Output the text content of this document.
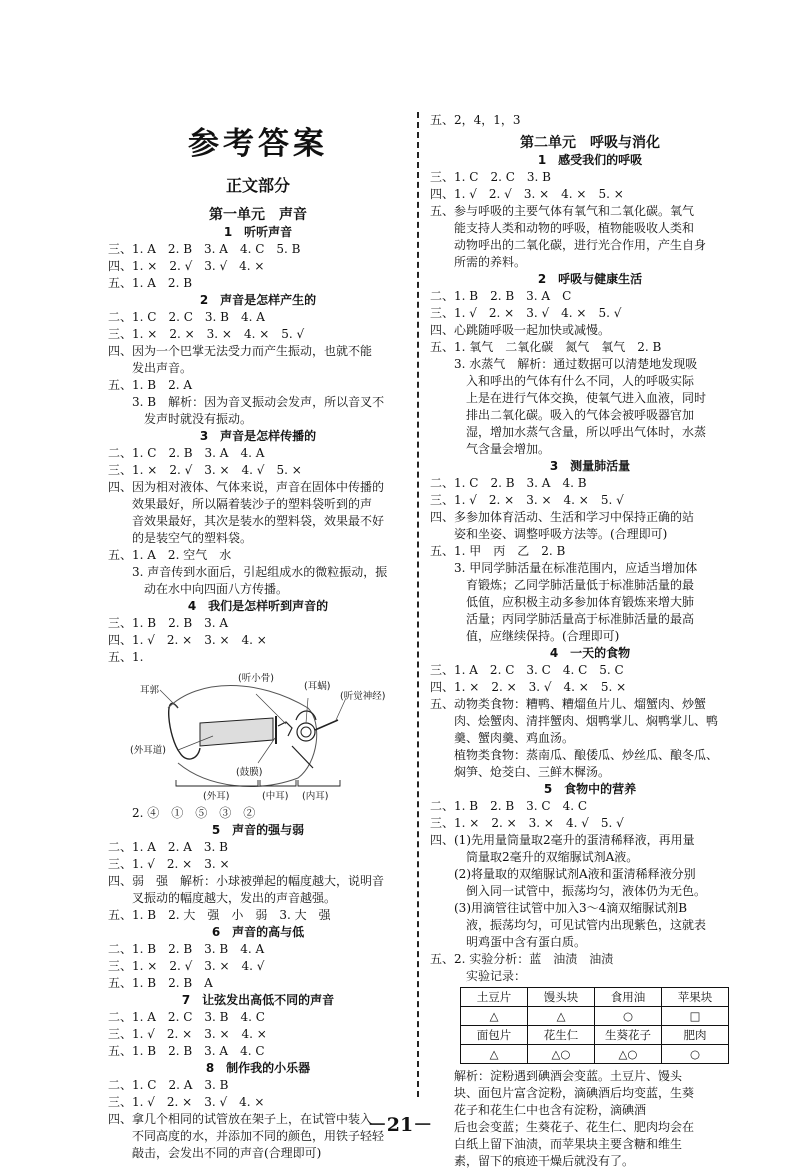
参考答案
正文部分
第一单元　声音
1　听听声音
三、1. A　2. B　3. A　4. C　5. B
四、1. ×　2. √　3. √　4. ×
五、1. A　2. B
2　声音是怎样产生的
二、1. C　2. C　3. B　4. A
三、1. ×　2. ×　3. ×　4. ×　5. √
四、因为一个巴掌无法受力而产生振动，也就不能
　　发出声音。
五、1. B　2. A
　　3. B　解析：因为音叉振动会发声，所以音叉不
　　　发声时就没有振动。
3　声音是怎样传播的
二、1. C　2. B　3. A　4. A
三、1. ×　2. √　3. ×　4. √　5. ×
四、因为相对液体、气体来说，声音在固体中传播的
　　效果最好，所以隔着装沙子的塑料袋听到的声
　　音效果最好，其次是装水的塑料袋，效果最不好
　　的是装空气的塑料袋。
五、1. A　2. 空气　水
　　3. 声音传到水面后，引起组成水的微粒振动，振
　　　动在水中向四面八方传播。
4　我们是怎样听到声音的
三、1. B　2. B　3. A
四、1. √　2. ×　3. ×　4. ×
五、1.
(听小骨)
(耳蜗)
耳郭
(听觉神经)
(外耳道)
(鼓膜)
(外耳)	(中耳) (内耳)
　　2. ④　①　⑤　③　②
5　声音的强与弱
二、1. A　2. A　3. B
三、1. √　2. ×　3. ×
四、弱　强　解析：小球被弹起的幅度越大，说明音
　　叉振动的幅度越大，发出的声音越强。
五、1. B　2. 大　强　小　弱　3. 大　强
6　声音的高与低
二、1. B　2. B　3. B　4. A
三、1. ×　2. √　3. ×　4. √
五、1. B　2. B　A
7　让弦发出高低不同的声音
二、1. A　2. C　3. B　4. C
三、1. √　2. ×　3. ×　4. ×
五、1. B　2. B　3. A　4. C
8　制作我的小乐器
二、1. C　2. A　3. B
三、1. √　2. ×　3. √　4. ×
四、拿几个相同的试管放在架子上，在试管中装入
　　不同高度的水，并添加不同的颜色，用铁子轻轻
　　敲击，会发出不同的声音(合理即可)
五、2，4，1，3
第二单元　呼吸与消化
1　感受我们的呼吸
三、1. C　2. C　3. B
四、1. √　2. √　3. ×　4. ×　5. ×
五、参与呼吸的主要气体有氧气和二氧化碳。氧气
　　能支持人类和动物的呼吸，植物能吸收人类和
　　动物呼出的二氧化碳，进行光合作用，产生自身
　　所需的养料。
2　呼吸与健康生活
二、1. B　2. B　3. A　C
三、1. √　2. ×　3. √　4. ×　5. √
四、心跳随呼吸一起加快或减慢。
五、1. 氧气　二氧化碳　氮气　氧气　2. B
　　3. 水蒸气　解析：通过数据可以清楚地发现吸
　　　入和呼出的气体有什么不同，人的呼吸实际
　　　上是在进行气体交换，使氧气进入血液，同时
　　　排出二氧化碳。吸入的气体会被呼吸器官加
　　　湿，增加水蒸气含量，所以呼出气体时，水蒸
　　　气含量会增加。
3　测量肺活量
二、1. C　2. B　3. A　4. B
三、1. √　2. ×　3. ×　4. ×　5. √
四、多参加体育活动、生活和学习中保持正确的站
　　姿和坐姿、调整呼吸方法等。(合理即可)
五、1. 甲　丙　乙　2. B
　　3. 甲同学肺活量在标准范围内，应适当增加体
　　　育锻炼；乙同学肺活量低于标准肺活量的最
　　　低值，应积极主动多参加体育锻炼来增大肺
　　　活量；丙同学肺活量高于标准肺活量的最高
　　　值，应继续保持。(合理即可)
4　一天的食物
三、1. A　2. C　3. C　4. C　5. C
四、1. ×　2. ×　3. √　4. ×　5. ×
五、动物类食物：糟鸭、糟熘鱼片儿、熘蟹肉、炒蟹
　　肉、烩蟹肉、清拌蟹肉、烟鸭掌儿、焖鸭掌儿、鸭
　　羹、蟹肉羹、鸡血汤。
　　植物类食物：蒸南瓜、酿倭瓜、炒丝瓜、酿冬瓜、
　　焖笋、炝茭白、三鲜木樨汤。
5　食物中的营养
二、1. B　2. B　3. C　4. C
三、1. ×　2. ×　3. ×　4. √　5. √
四、(1)先用量筒量取2毫升的蛋清稀释液，再用量
　　　筒量取2毫升的双缩脲试剂A液。
　　(2)将量取的双缩脲试剂A液和蛋清稀释液分别
　　　倒入同一试管中，振荡均匀，液体仍为无色。
　　(3)用滴管往试管中加入3～4滴双缩脲试剂B
　　　液，振荡均匀，可见试管内出现紫色，这就表
　　　明鸡蛋中含有蛋白质。
五、2. 实验分析：蓝　油渍　油渍
　　　实验记录：
土豆片	馒头块	食用油	苹果块
△	△	○	□
面包片	花生仁	生葵花子	肥肉
△	△○	△○	○
　　解析：淀粉遇到碘酒会变蓝。土豆片、馒头
　　块、面包片富含淀粉，滴碘酒后均变蓝，生葵
　　花子和花生仁中也含有淀粉，滴碘酒
　　后也会变蓝；生葵花子、花生仁、肥肉均会在
　　白纸上留下油渍，而苹果块主要含糖和维生
　　素，留下的痕迹干燥后就没有了。
－21－
